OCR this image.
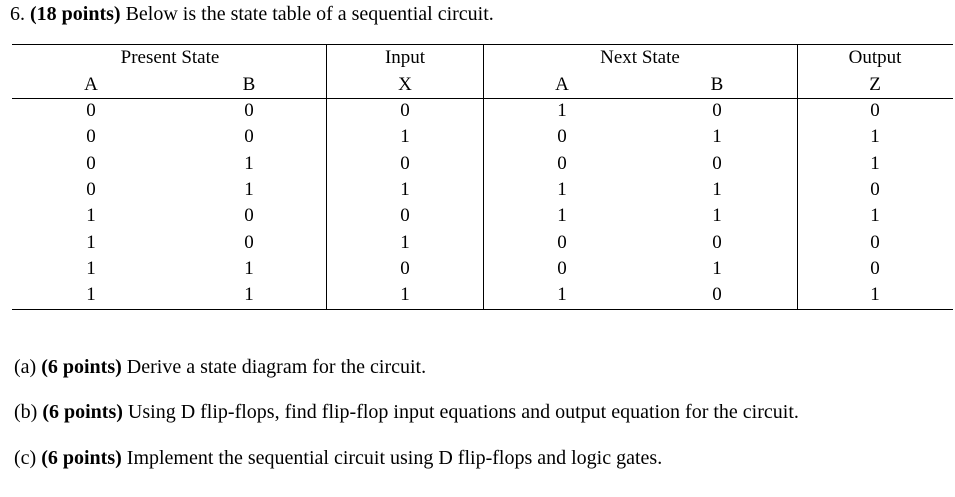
6. (18 points) Below is the state table of a sequential circuit.
Present State	Input	Next State	Output
A	B	X	A	B	Z
0	0	0	1	0	0
0	0	1	0	1	1
0	1	0	0	0	1
0	1	1	1	1	0
1	0	0	1	1	1
1	0	1	0	0	0
1	1	0	0	1	0
1	1	1	1	0	1
(a) (6 points) Derive a state diagram for the circuit.
(b) (6 points) Using D flip-flops, find flip-flop input equations and output equation for the circuit.
(c) (6 points) Implement the sequential circuit using D flip-flops and logic gates.
